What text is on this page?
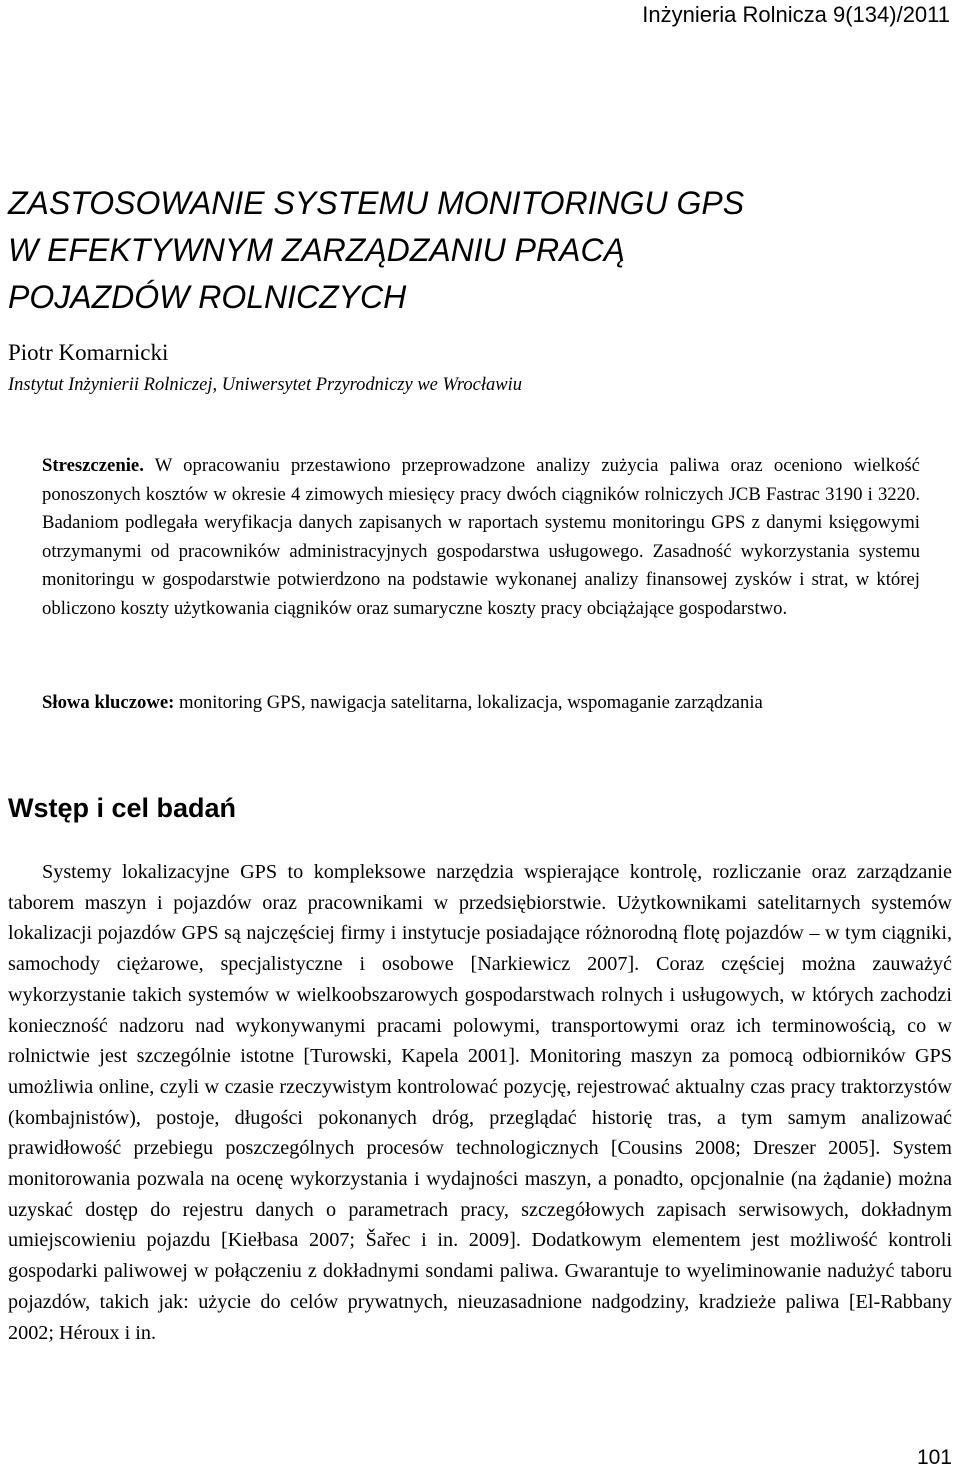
Inżynieria Rolnicza 9(134)/2011
ZASTOSOWANIE SYSTEMU MONITORINGU GPS
W EFEKTYWNYM ZARZĄDZANIU PRACĄ
POJAZDÓW ROLNICZYCH
Piotr Komarnicki
Instytut Inżynierii Rolniczej, Uniwersytet Przyrodniczy we Wrocławiu

Streszczenie. W opracowaniu przestawiono przeprowadzone analizy zużycia paliwa oraz oceniono wielkość ponoszonych kosztów w okresie 4 zimowych miesięcy pracy dwóch ciągników rolniczych JCB Fastrac 3190 i 3220. Badaniom podlegała weryfikacja danych zapisanych w raportach systemu monitoringu GPS z danymi księgowymi otrzymanymi od pracowników administracyjnych gospodarstwa usługowego. Zasadność wykorzystania systemu monitoringu w gospodarstwie potwierdzono na podstawie wykonanej analizy finansowej zysków i strat, w której obliczono koszty użytkowania ciągników oraz sumaryczne koszty pracy obciążające gospodarstwo.

Słowa kluczowe: monitoring GPS, nawigacja satelitarna, lokalizacja, wspomaganie zarządzania

Wstęp i cel badań

Systemy lokalizacyjne GPS to kompleksowe narzędzia wspierające kontrolę, rozliczanie oraz zarządzanie taborem maszyn i pojazdów oraz pracownikami w przedsiębiorstwie. Użytkownikami satelitarnych systemów lokalizacji pojazdów GPS są najczęściej firmy i instytucje posiadające różnorodną flotę pojazdów – w tym ciągniki, samochody ciężarowe, specjalistyczne i osobowe [Narkiewicz 2007]. Coraz częściej można zauważyć wykorzystanie takich systemów w wielkoobszarowych gospodarstwach rolnych i usługowych, w których zachodzi konieczność nadzoru nad wykonywanymi pracami polowymi, transportowymi oraz ich terminowością, co w rolnictwie jest szczególnie istotne [Turowski, Kapela 2001]. Monitoring maszyn za pomocą odbiorników GPS umożliwia online, czyli w czasie rzeczywistym kontrolować pozycję, rejestrować aktualny czas pracy traktorzystów (kombajnistów), postoje, długości pokonanych dróg, przeglądać historię tras, a tym samym analizować prawidłowość przebiegu poszczególnych procesów technologicznych [Cousins 2008; Dreszer 2005]. System monitorowania pozwala na ocenę wykorzystania i wydajności maszyn, a ponadto, opcjonalnie (na żądanie) można uzyskać dostęp do rejestru danych o parametrach pracy, szczegółowych zapisach serwisowych, dokładnym umiejscowieniu pojazdu [Kiełbasa 2007; Šařec i in. 2009]. Dodatkowym elementem jest możliwość kontroli gospodarki paliwowej w połączeniu z dokładnymi sondami paliwa. Gwarantuje to wyeliminowanie nadużyć taboru pojazdów, takich jak: użycie do celów prywatnych, nieuzasadnione nadgodziny, kradzieże paliwa [El-Rabbany 2002; Héroux i in.

101
